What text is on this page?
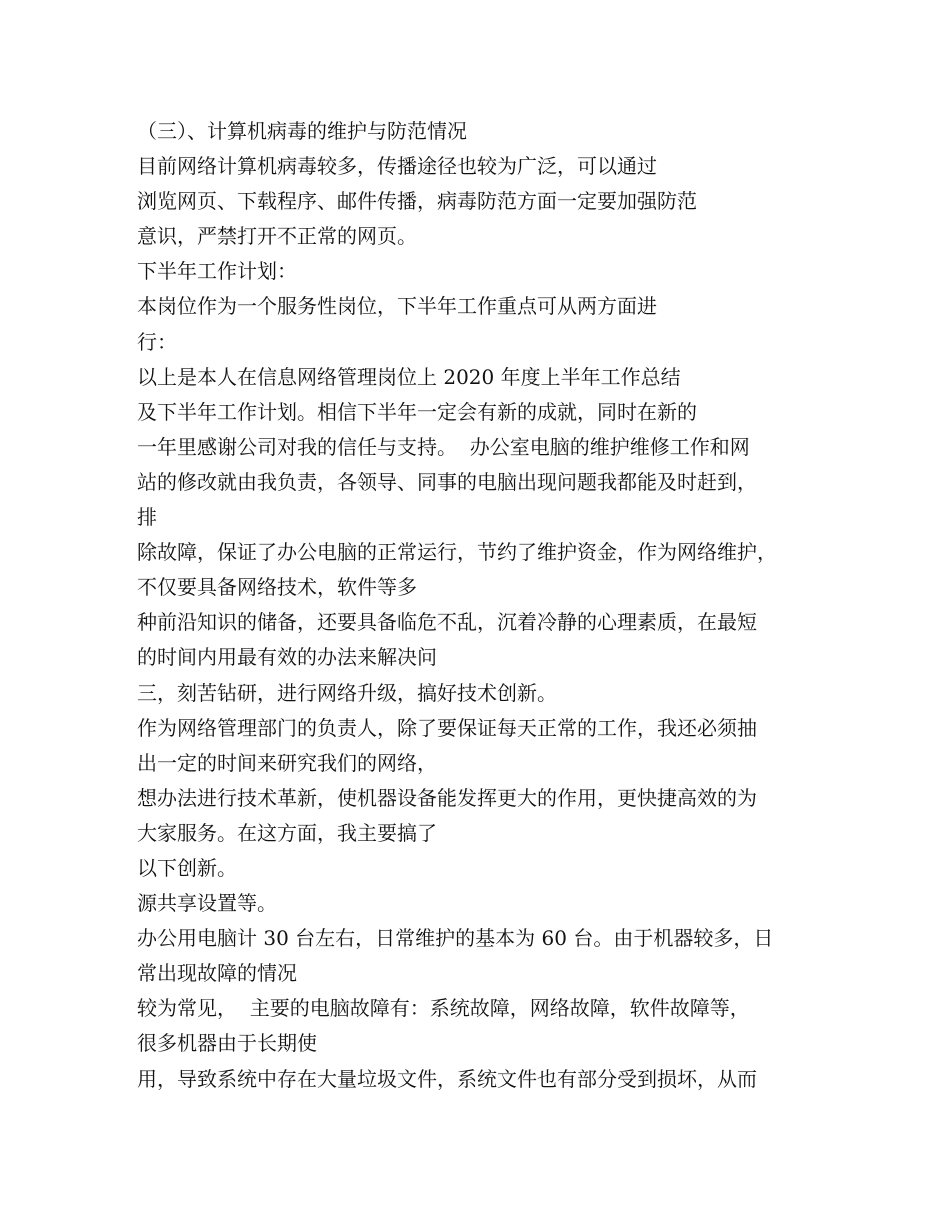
（三）、计算机病毒的维护与防范情况
目前网络计算机病毒较多，传播途径也较为广泛，可以通过
浏览网页、下载程序、邮件传播，病毒防范方面一定要加强防范
意识，严禁打开不正常的网页。
下半年工作计划：
本岗位作为一个服务性岗位，下半年工作重点可从两方面进
行：
以上是本人在信息网络管理岗位上 2020 年度上半年工作总结
及下半年工作计划。相信下半年一定会有新的成就，同时在新的
一年里感谢公司对我的信任与支持。  办公室电脑的维护维修工作和网
站的修改就由我负责，各领导、同事的电脑出现问题我都能及时赶到，
排
除故障，保证了办公电脑的正常运行，节约了维护资金，作为网络维护，
不仅要具备网络技术，软件等多
种前沿知识的储备，还要具备临危不乱，沉着冷静的心理素质，在最短
的时间内用最有效的办法来解决问
三，刻苦钻研，进行网络升级，搞好技术创新。
作为网络管理部门的负责人，除了要保证每天正常的工作，我还必须抽
出一定的时间来研究我们的网络，
想办法进行技术革新，使机器设备能发挥更大的作用，更快捷高效的为
大家服务。在这方面，我主要搞了
以下创新。
源共享设置等。
办公用电脑计 30 台左右，日常维护的基本为 60 台。由于机器较多，日
常出现故障的情况
较为常见，  主要的电脑故障有：系统故障，网络故障，软件故障等，
很多机器由于长期使
用，导致系统中存在大量垃圾文件，系统文件也有部分受到损坏，从而
